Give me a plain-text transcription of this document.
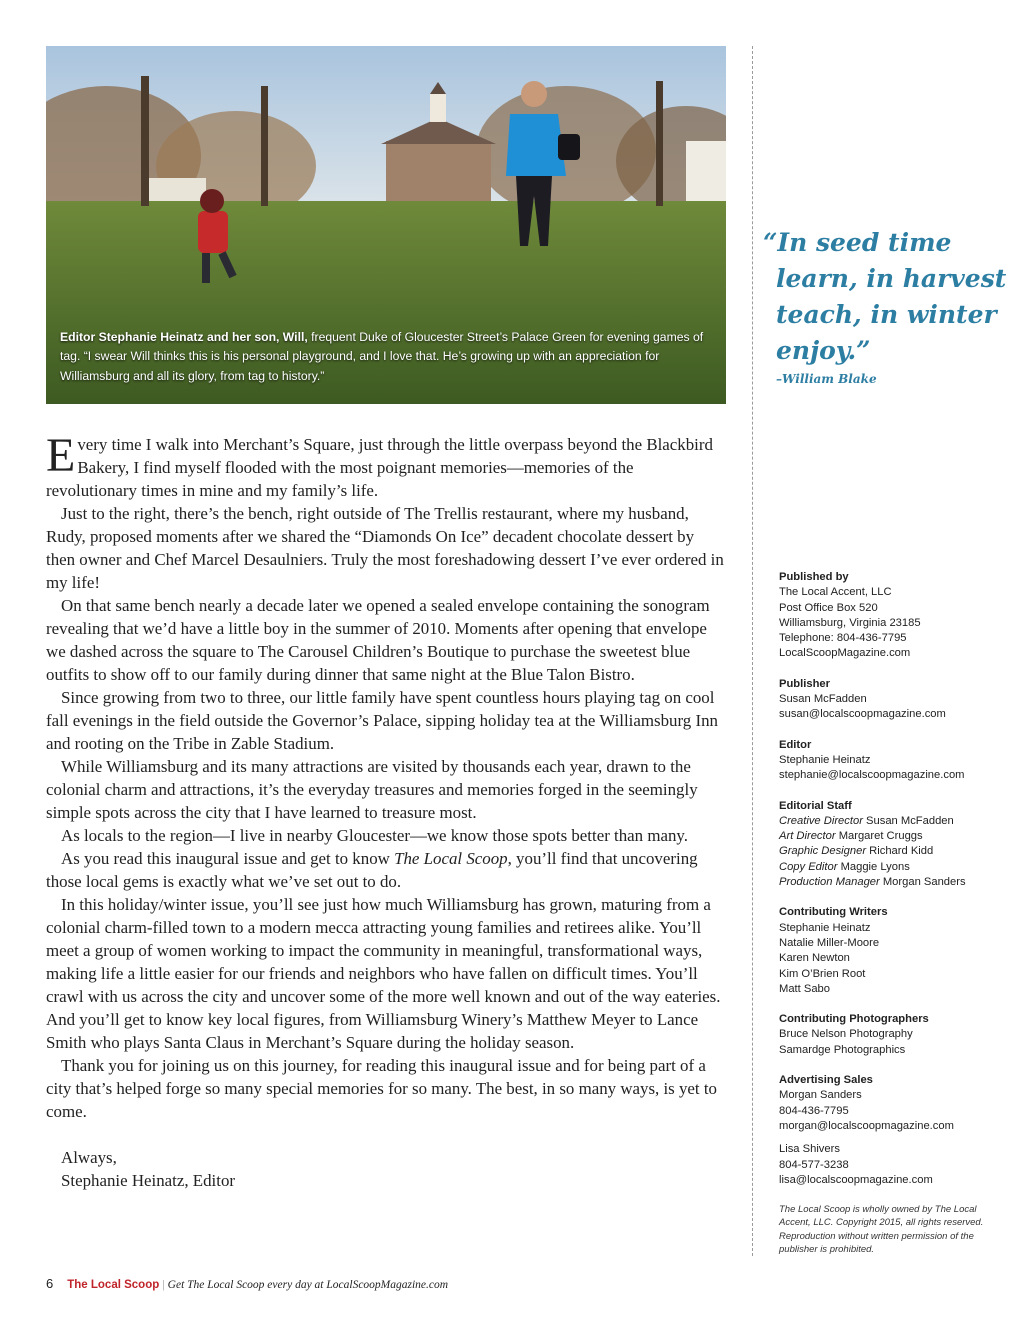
Editor Stephanie Heinatz and her son, Will, frequent Duke of Gloucester Street’s Palace Green for evening games of tag. “I swear Will thinks this is his personal playground, and I love that. He’s growing up with an appreciation for Williamsburg and all its glory, from tag to history.”
“In seed time
learn, in harvest
teach, in winter
enjoy.”
–William Blake

Every time I walk into Merchant’s Square, just through the little overpass beyond the Blackbird Bakery, I find myself flooded with the most poignant memories—memories of the revolutionary times in mine and my family’s life.

Just to the right, there’s the bench, right outside of The Trellis restaurant, where my husband, Rudy, proposed moments after we shared the “Diamonds On Ice” decadent chocolate dessert by then owner and Chef Marcel Desaulniers. Truly the most foreshadowing dessert I’ve ever ordered in my life!

On that same bench nearly a decade later we opened a sealed envelope containing the sonogram revealing that we’d have a little boy in the summer of 2010. Moments after opening that envelope we dashed across the square to The Carousel Children’s Boutique to purchase the sweetest blue outfits to show off to our family during dinner that same night at the Blue Talon Bistro.

Since growing from two to three, our little family have spent countless hours playing tag on cool fall evenings in the field outside the Governor’s Palace, sipping holiday tea at the Williamsburg Inn and rooting on the Tribe in Zable Stadium.

While Williamsburg and its many attractions are visited by thousands each year, drawn to the colonial charm and attractions, it’s the everyday treasures and memories forged in the seemingly simple spots across the city that I have learned to treasure most.

As locals to the region—I live in nearby Gloucester—we know those spots better than many.

As you read this inaugural issue and get to know The Local Scoop, you’ll find that uncovering those local gems is exactly what we’ve set out to do.

In this holiday/winter issue, you’ll see just how much Williamsburg has grown, maturing from a colonial charm-filled town to a modern mecca attracting young families and retirees alike. You’ll meet a group of women working to impact the community in meaningful, transformational ways, making life a little easier for our friends and neighbors who have fallen on difficult times. You’ll crawl with us across the city and uncover some of the more well known and out of the way eateries. And you’ll get to know key local figures, from Williamsburg Winery’s Matthew Meyer to Lance Smith who plays Santa Claus in Merchant’s Square during the holiday season.

Thank you for joining us on this journey, for reading this inaugural issue and for being part of a city that’s helped forge so many special memories for so many. The best, in so many ways, is yet to come.

Always,
Stephanie Heinatz, Editor
Published by
The Local Accent, LLC
Post Office Box 520
Williamsburg, Virginia 23185
Telephone: 804-436-7795
LocalScoopMagazine.com
Publisher
Susan McFadden
susan@localscoopmagazine.com
Editor
Stephanie Heinatz
stephanie@localscoopmagazine.com
Editorial Staff
Creative Director Susan McFadden
Art Director Margaret Cruggs
Graphic Designer Richard Kidd
Copy Editor Maggie Lyons
Production Manager Morgan Sanders
Contributing Writers
Stephanie Heinatz
Natalie Miller-Moore
Karen Newton
Kim O’Brien Root
Matt Sabo
Contributing Photographers
Bruce Nelson Photography
Samardge Photographics
Advertising Sales
Morgan Sanders
804-436-7795
morgan@localscoopmagazine.com
Lisa Shivers
804-577-3238
lisa@localscoopmagazine.com
The Local Scoop is wholly owned by The Local Accent, LLC. Copyright 2015, all rights reserved. Reproduction without written permission of the publisher is prohibited.
6 The Local Scoop | Get The Local Scoop every day at LocalScoopMagazine.com
